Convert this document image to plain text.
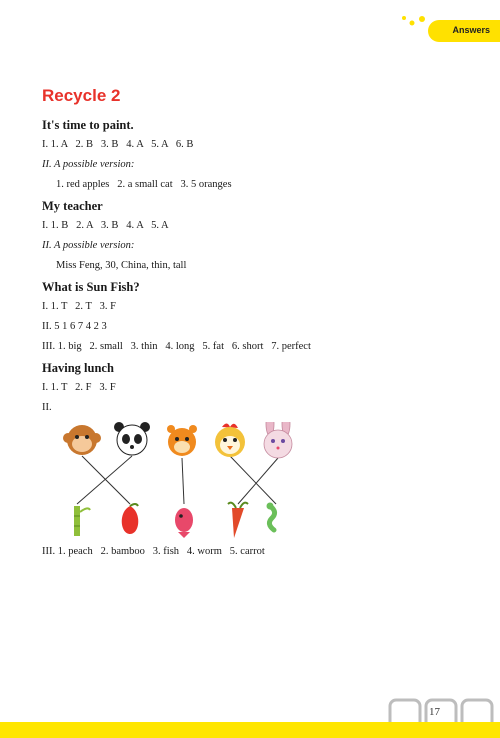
Answers
Recycle 2
It's time to paint.
I. 1. A   2. B   3. B   4. A   5. A   6. B
II. A possible version:
1. red apples   2. a small cat   3. 5 oranges
My teacher
I. 1. B   2. A   3. B   4. A   5. A
II. A possible version:
Miss Feng, 30, China, thin, tall
What is Sun Fish?
I. 1. T   2. T   3. F
II. 5 1 6 7 4 2 3
III. 1. big   2. small   3. thin   4. long   5. fat   6. short   7. perfect
Having lunch
I. 1. T   2. F   3. F
II.
III. 1. peach   2. bamboo   3. fish   4. worm   5. carrot
17
